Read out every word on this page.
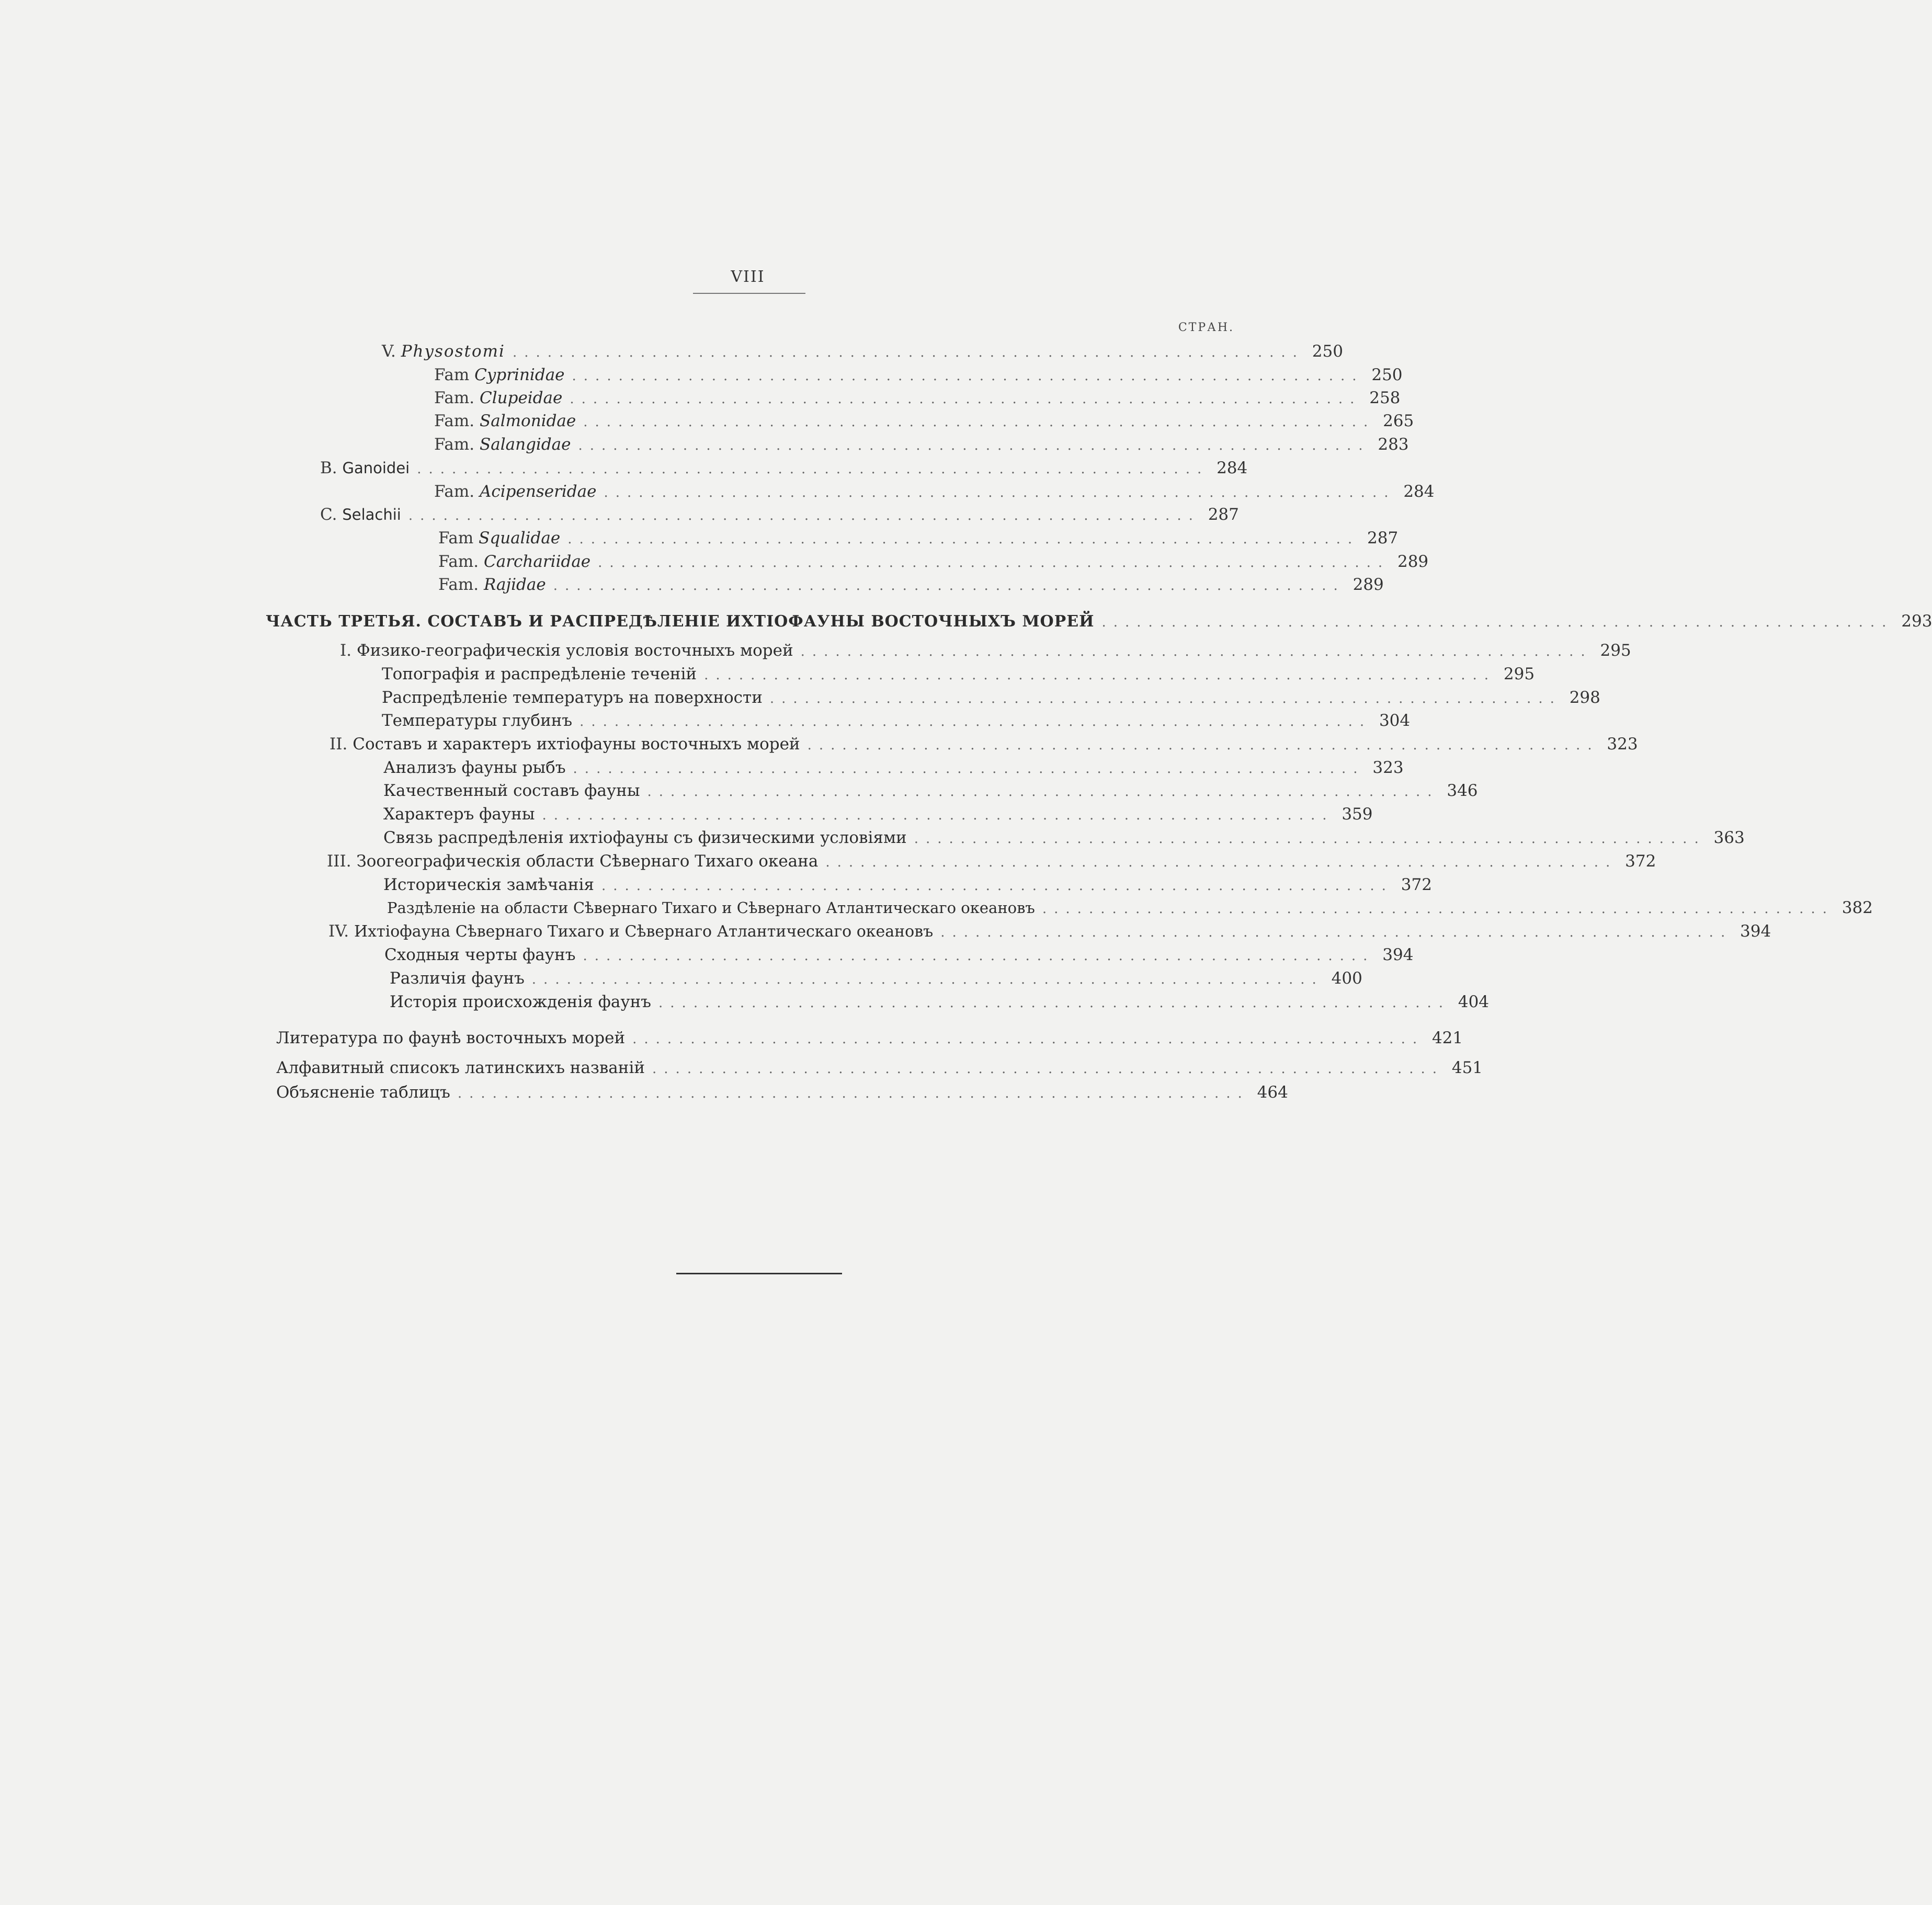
VIII
СТРАН.
V. Physostomi .................................................................... 250
Fam Cyprinidae .................................................................... 250
Fam. Clupeidae .................................................................... 258
Fam. Salmonidae .................................................................... 265
Fam. Salangidae .................................................................... 283
B. Ganoidei .................................................................... 284
Fam. Acipenseridae .................................................................... 284
C. Selachii .................................................................... 287
Fam Squalidae .................................................................... 287
Fam. Carchariidae .................................................................... 289
Fam. Rajidae .................................................................... 289
ЧАСТЬ ТРЕТЬЯ. СОСТАВЪ И РАСПРЕДѢЛЕНІЕ ИХТІОФАУНЫ ВОСТОЧНЫХЪ МОРЕЙ .................................................................... 293
I. Физико-географическія условія восточныхъ морей .................................................................... 295
Топографія и распредѣленіе теченій .................................................................... 295
Распредѣленіе температуръ на поверхности .................................................................... 298
Температуры глубинъ .................................................................... 304
II. Составъ и характеръ ихтіофауны восточныхъ морей .................................................................... 323
Анализъ фауны рыбъ .................................................................... 323
Качественный составъ фауны .................................................................... 346
Характеръ фауны .................................................................... 359
Связь распредѣленія ихтіофауны съ физическими условіями .................................................................... 363
III. Зоогеографическія области Сѣвернаго Тихаго океана .................................................................... 372
Историческія замѣчанія .................................................................... 372
Раздѣленіе на области Сѣвернаго Тихаго и Сѣвернаго Атлантическаго океановъ .................................................................... 382
IV. Ихтіофауна Сѣвернаго Тихаго и Сѣвернаго Атлантическаго океановъ .................................................................... 394
Сходныя черты фаунъ .................................................................... 394
Различія фаунъ .................................................................... 400
Исторія происхожденія фаунъ .................................................................... 404
Литература по фаунѣ восточныхъ морей .................................................................... 421
Алфавитный списокъ латинскихъ названій .................................................................... 451
Объясненіе таблицъ .................................................................... 464
